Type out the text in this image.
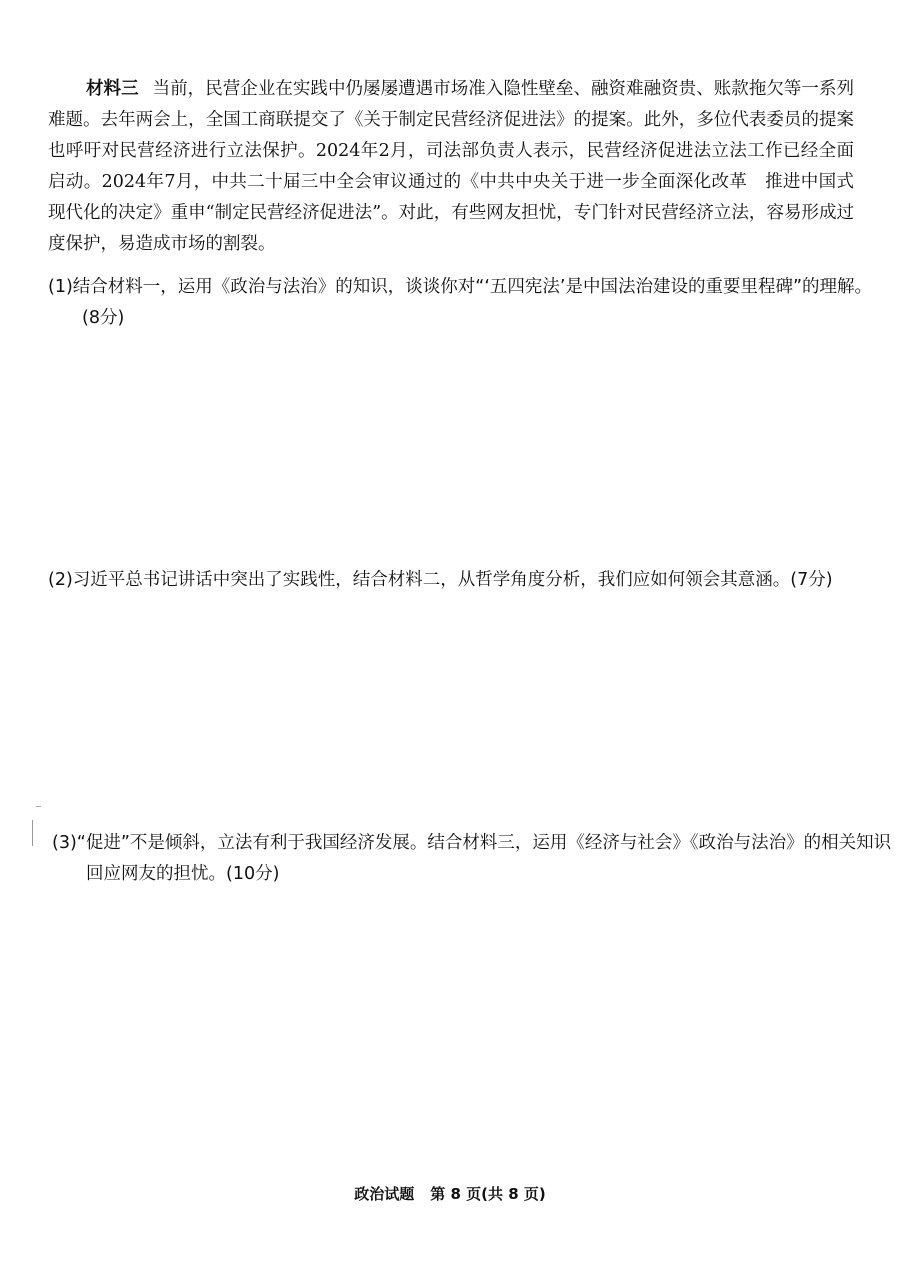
材料三 当前，民营企业在实践中仍屡屡遭遇市场准入隐性壁垒、融资难融资贵、账款拖欠等一系列难题。去年两会上，全国工商联提交了《关于制定民营经济促进法》的提案。此外，多位代表委员的提案也呼吁对民营经济进行立法保护。2024年2月，司法部负责人表示，民营经济促进法立法工作已经全面启动。2024年7月，中共二十届三中全会审议通过的《中共中央关于进一步全面深化改革　推进中国式现代化的决定》重申“制定民营经济促进法”。对此，有些网友担忧，专门针对民营经济立法，容易形成过度保护，易造成市场的割裂。

(1)结合材料一，运用《政治与法治》的知识，谈谈你对“‘五四宪法’是中国法治建设的重要里程碑”的理解。(8分)

(2)习近平总书记讲话中突出了实践性，结合材料二，从哲学角度分析，我们应如何领会其意涵。(7分)

(3)“促进”不是倾斜，立法有利于我国经济发展。结合材料三，运用《经济与社会》《政治与法治》的相关知识回应网友的担忧。(10分)

政治试题 第 8 页(共 8 页)
